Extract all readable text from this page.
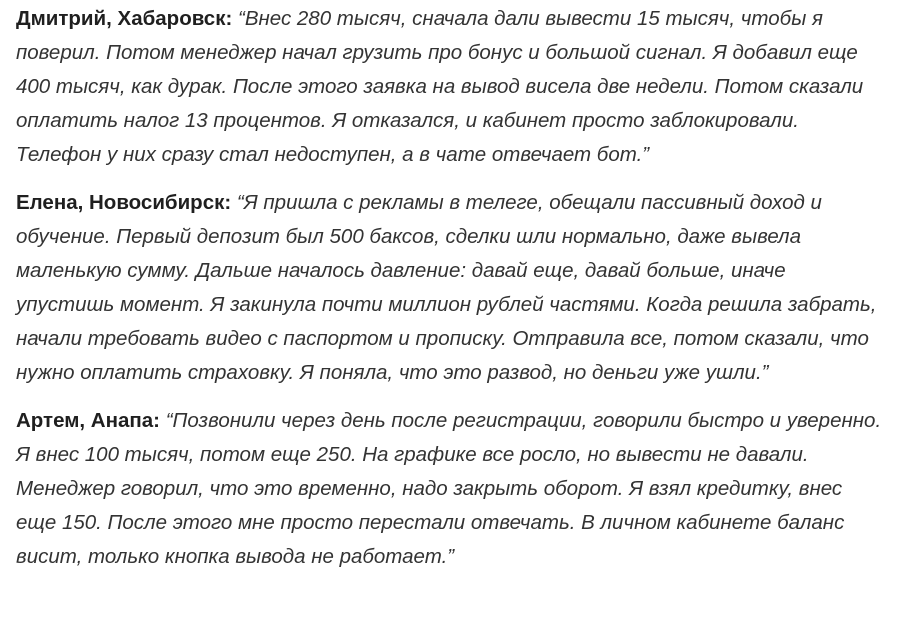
Дмитрий, Хабаровск: “Внес 280 тысяч, сначала дали вывести 15 тысяч, чтобы я поверил. Потом менеджер начал грузить про бонус и большой сигнал. Я добавил еще 400 тысяч, как дурак. После этого заявка на вывод висела две недели. Потом сказали оплатить налог 13 процентов. Я отказался, и кабинет просто заблокировали. Телефон у них сразу стал недоступен, а в чате отвечает бот.”

Елена, Новосибирск: “Я пришла с рекламы в телеге, обещали пассивный доход и обучение. Первый депозит был 500 баксов, сделки шли нормально, даже вывела маленькую сумму. Дальше началось давление: давай еще, давай больше, иначе упустишь момент. Я закинула почти миллион рублей частями. Когда решила забрать, начали требовать видео с паспортом и прописку. Отправила все, потом сказали, что нужно оплатить страховку. Я поняла, что это развод, но деньги уже ушли.”

Артем, Анапа: “Позвонили через день после регистрации, говорили быстро и уверенно. Я внес 100 тысяч, потом еще 250. На графике все росло, но вывести не давали. Менеджер говорил, что это временно, надо закрыть оборот. Я взял кредитку, внес еще 150. После этого мне просто перестали отвечать. В личном кабинете баланс висит, только кнопка вывода не работает.”
